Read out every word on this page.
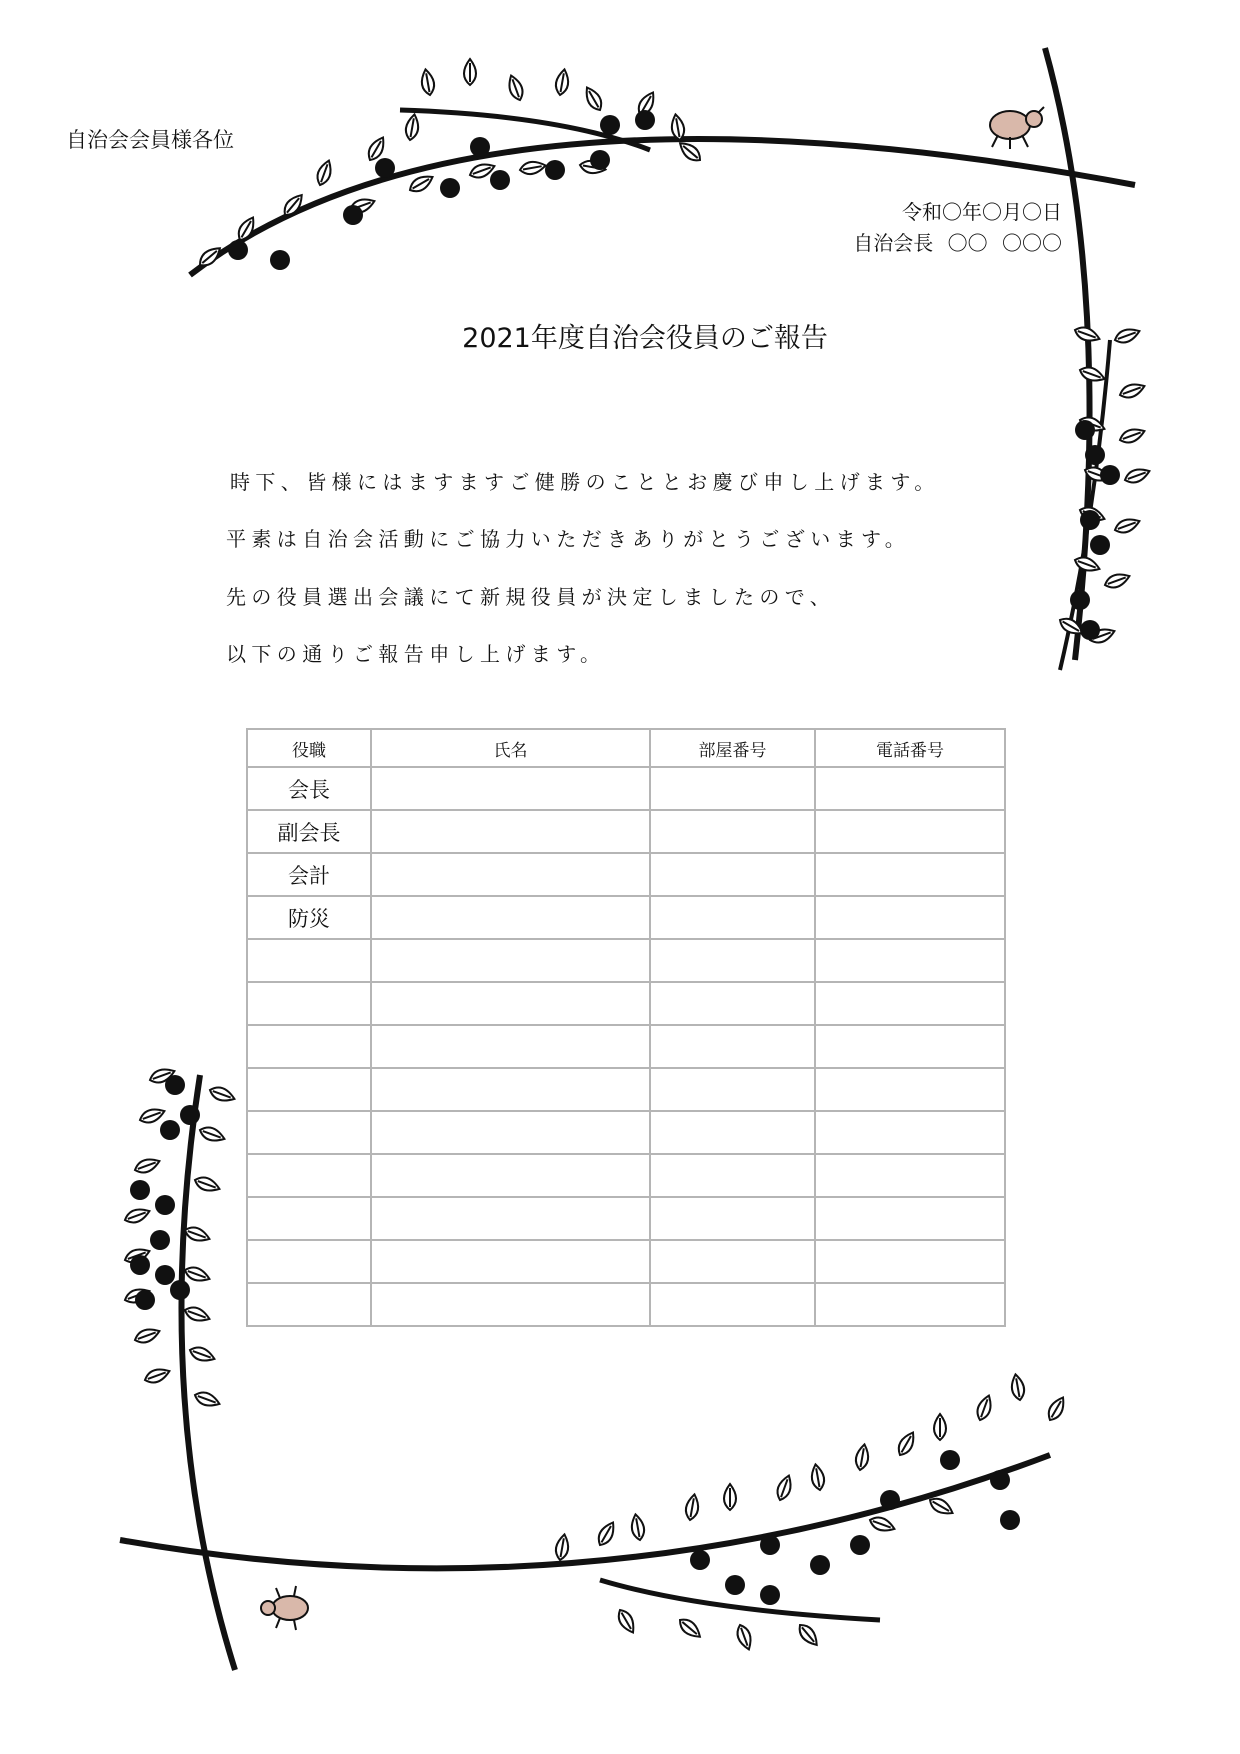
自治会会員様各位
令和〇年〇月〇日
自治会長 〇〇 〇〇〇
2021年度自治会役員のご報告
時下、皆様にはますますご健勝のこととお慶び申し上げます。
平素は自治会活動にご協力いただきありがとうございます。
先の役員選出会議にて新規役員が決定しましたので、
以下の通りご報告申し上げます。
役職	氏名	部屋番号	電話番号
会長			
副会長			
会計			
防災			
